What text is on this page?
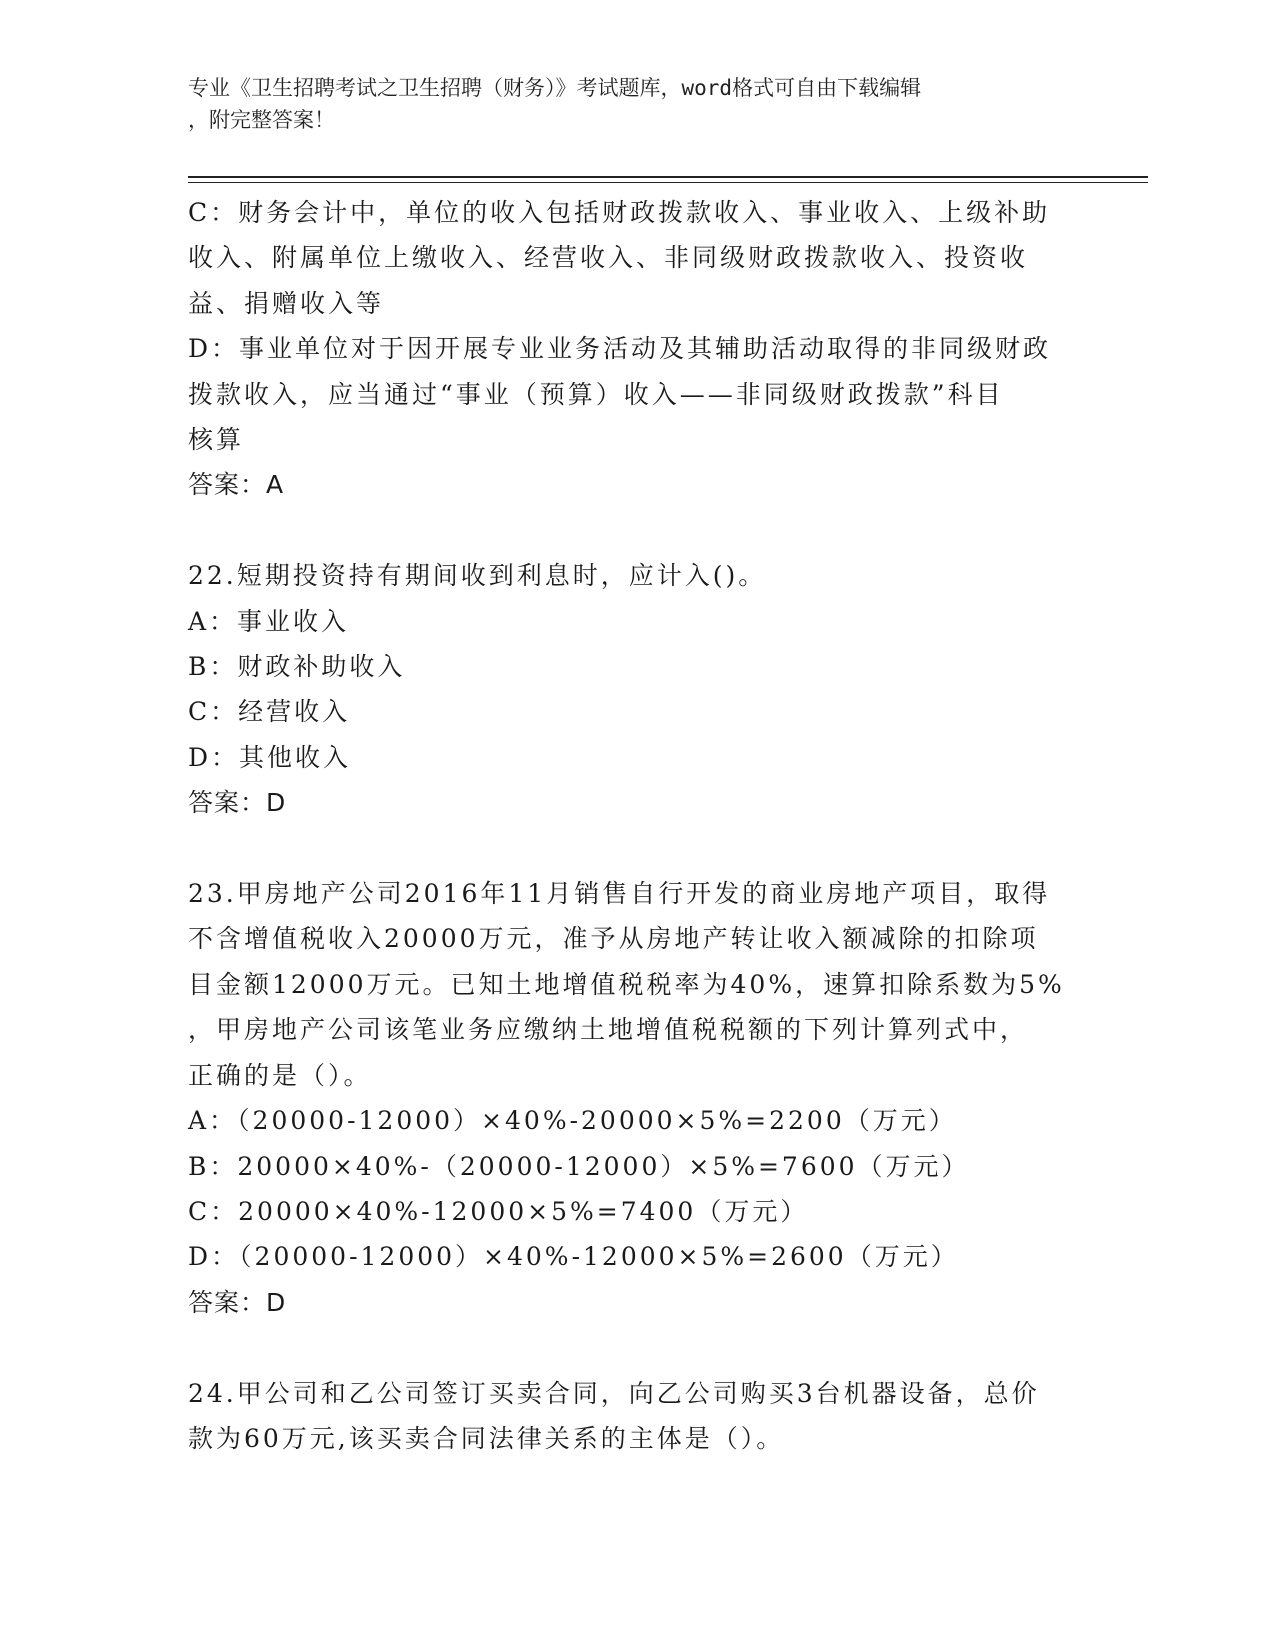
专业《卫生招聘考试之卫生招聘（财务）》考试题库，word格式可自由下载编辑
，附完整答案！
C：财务会计中，单位的收入包括财政拨款收入、事业收入、上级补助
收入、附属单位上缴收入、经营收入、非同级财政拨款收入、投资收
益、捐赠收入等
D：事业单位对于因开展专业业务活动及其辅助活动取得的非同级财政
拨款收入，应当通过“事业（预算）收入——非同级财政拨款”科目
核算
答案：A
22.短期投资持有期间收到利息时，应计入()。
A：事业收入
B：财政补助收入
C：经营收入
D：其他收入
答案：D
23.甲房地产公司2016年11月销售自行开发的商业房地产项目，取得
不含增值税收入20000万元，准予从房地产转让收入额减除的扣除项
目金额12000万元。已知土地增值税税率为40%，速算扣除系数为5%
，甲房地产公司该笔业务应缴纳土地增值税税额的下列计算列式中，
正确的是（）。
A：（20000-12000）×40%-20000×5%=2200（万元）
B：20000×40%-（20000-12000）×5%=7600（万元）
C：20000×40%-12000×5%=7400（万元）
D：（20000-12000）×40%-12000×5%=2600（万元）
答案：D
24.甲公司和乙公司签订买卖合同，向乙公司购买3台机器设备，总价
款为60万元,该买卖合同法律关系的主体是（）。
